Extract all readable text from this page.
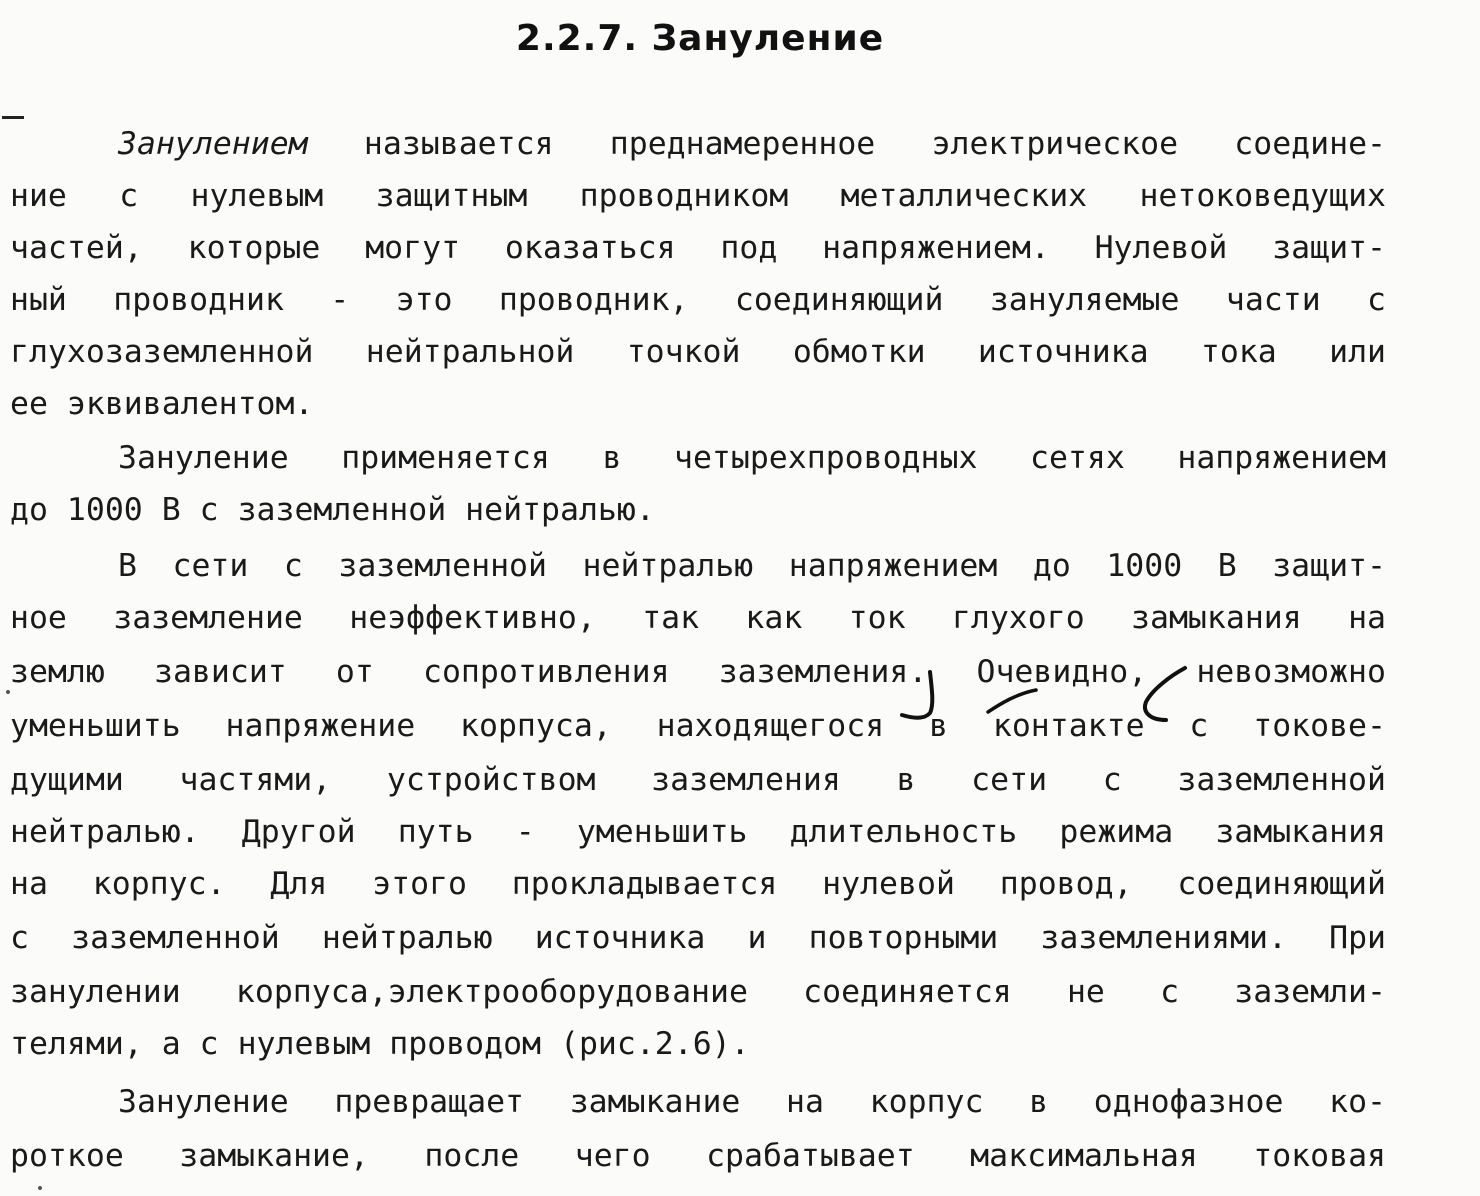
2.2.7. Зануление
Занулением называется преднамеренное электрическое соедине-
ние с нулевым защитным проводником металлических нетоковедущих
частей, которые могут оказаться под напряжением. Нулевой защит-
ный проводник - это проводник, соединяющий зануляемые части с
глухозаземленной нейтральной точкой обмотки источника тока или
ее эквивалентом.
Зануление применяется в четырехпроводных сетях напряжением
до 1000 В с заземленной нейтралью.
В сети с заземленной нейтралью напряжением до 1000 В защит-
ное заземление неэффективно, так как ток глухого замыкания на
землю зависит от сопротивления заземления. Очевидно, невозможно
уменьшить напряжение корпуса, находящегося в контакте с токове-
дущими частями, устройством заземления в сети с заземленной
нейтралью. Другой путь - уменьшить длительность режима замыкания
на корпус. Для этого прокладывается нулевой провод, соединяющий
с заземленной нейтралью источника и повторными заземлениями. При
занулении корпуса,электрооборудование соединяется не с заземли-
телями, а с нулевым проводом (рис.2.6).
Зануление превращает замыкание на корпус в однофазное ко-
роткое замыкание, после чего срабатывает максимальная токовая
